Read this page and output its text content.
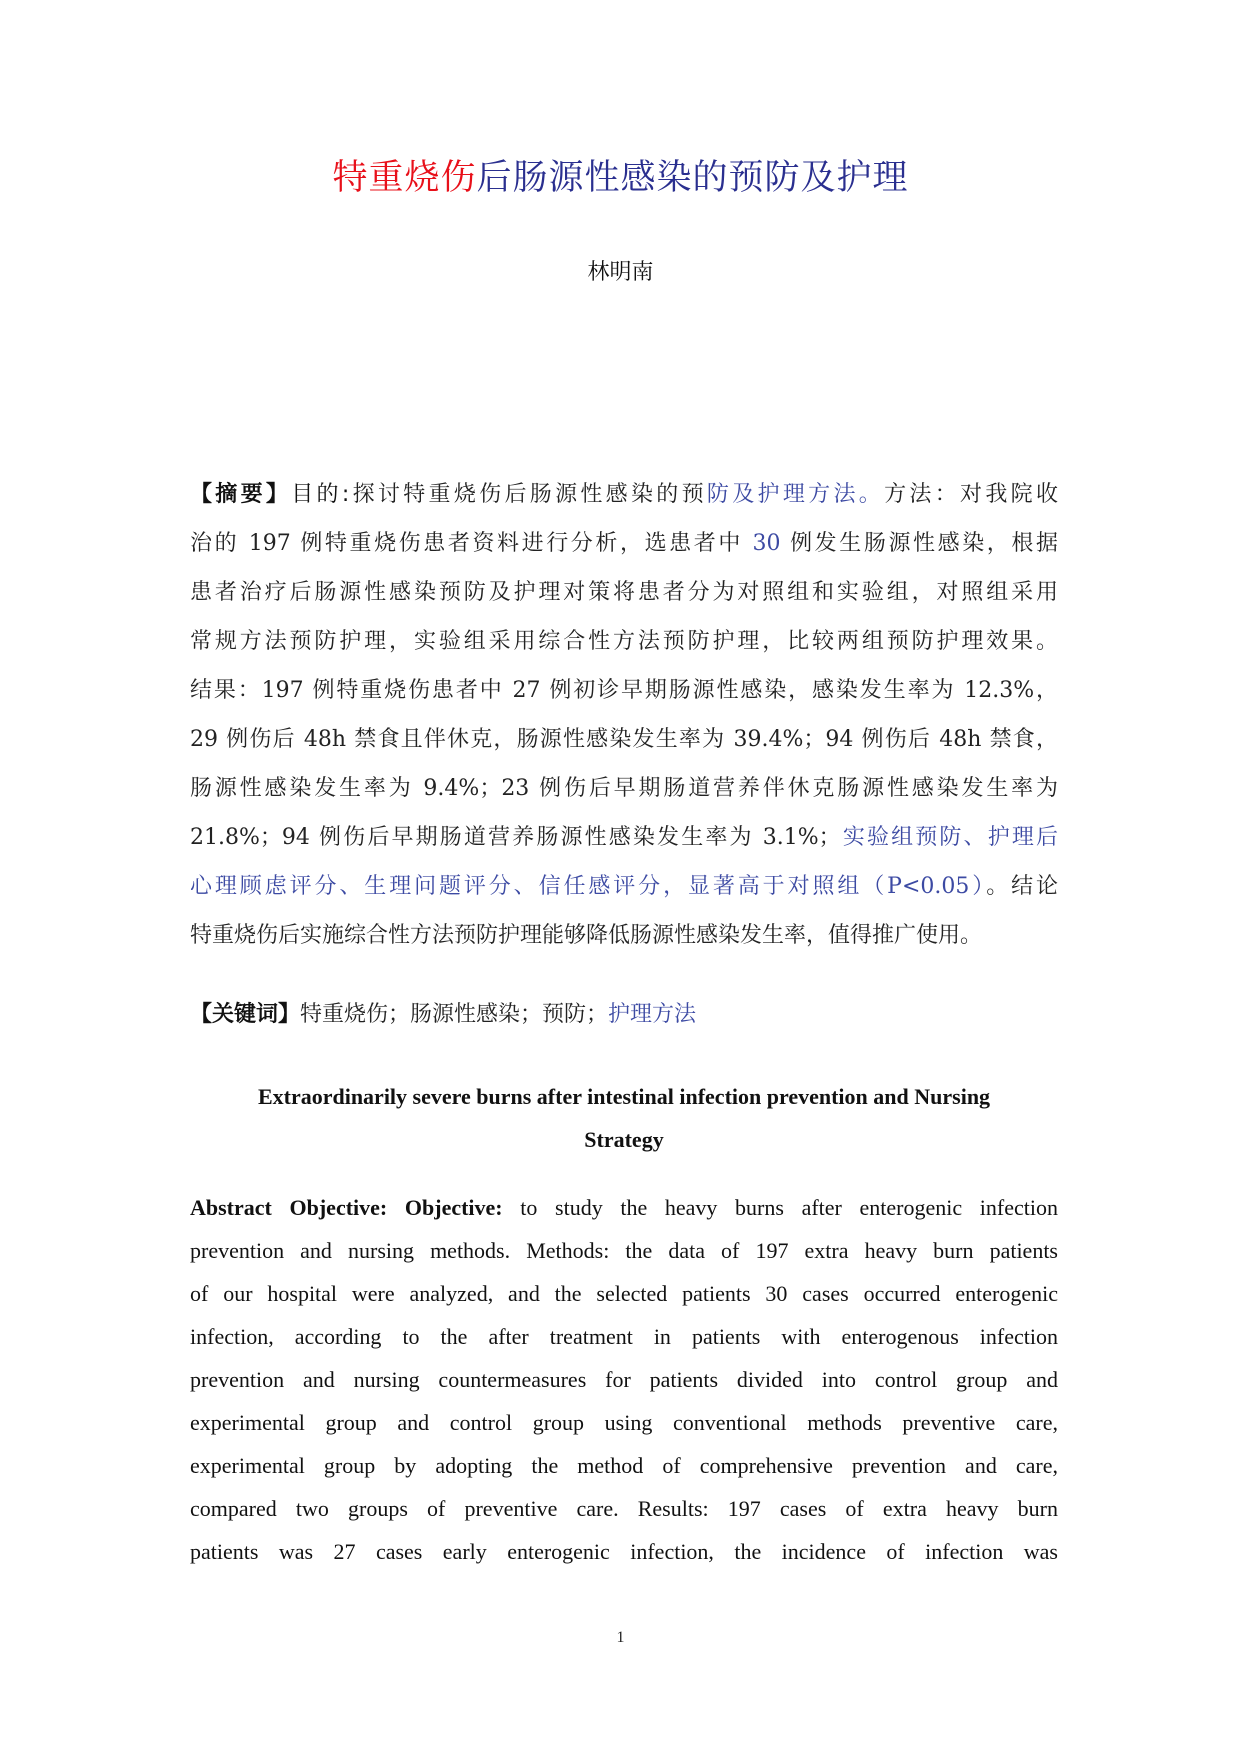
特重烧伤后肠源性感染的预防及护理
林明南
【摘要】目的:探讨特重烧伤后肠源性感染的预防及护理方法。方法：对我院收
治的 197 例特重烧伤患者资料进行分析，选患者中 30 例发生肠源性感染，根据
患者治疗后肠源性感染预防及护理对策将患者分为对照组和实验组，对照组采用
常规方法预防护理，实验组采用综合性方法预防护理，比较两组预防护理效果。
结果：197 例特重烧伤患者中 27 例初诊早期肠源性感染，感染发生率为 12.3%，
29 例伤后 48h 禁食且伴休克，肠源性感染发生率为 39.4%；94 例伤后 48h 禁食，
肠源性感染发生率为 9.4%；23 例伤后早期肠道营养伴休克肠源性感染发生率为
21.8%；94 例伤后早期肠道营养肠源性感染发生率为 3.1%；实验组预防、护理后
心理顾虑评分、生理问题评分、信任感评分，显著高于对照组（P<0.05）。结论
特重烧伤后实施综合性方法预防护理能够降低肠源性感染发生率，值得推广使用。
【关键词】特重烧伤；肠源性感染；预防；护理方法
Extraordinarily severe burns after intestinal infection prevention and Nursing
Strategy
Abstract Objective: Objective: to study the heavy burns after enterogenic infection
prevention and nursing methods. Methods: the data of 197 extra heavy burn patients
of our hospital were analyzed, and the selected patients 30 cases occurred enterogenic
infection, according to the after treatment in patients with enterogenous infection
prevention and nursing countermeasures for patients divided into control group and
experimental group and control group using conventional methods preventive care,
experimental group by adopting the method of comprehensive prevention and care,
compared two groups of preventive care. Results: 197 cases of extra heavy burn
patients was 27 cases early enterogenic infection, the incidence of infection was
1
